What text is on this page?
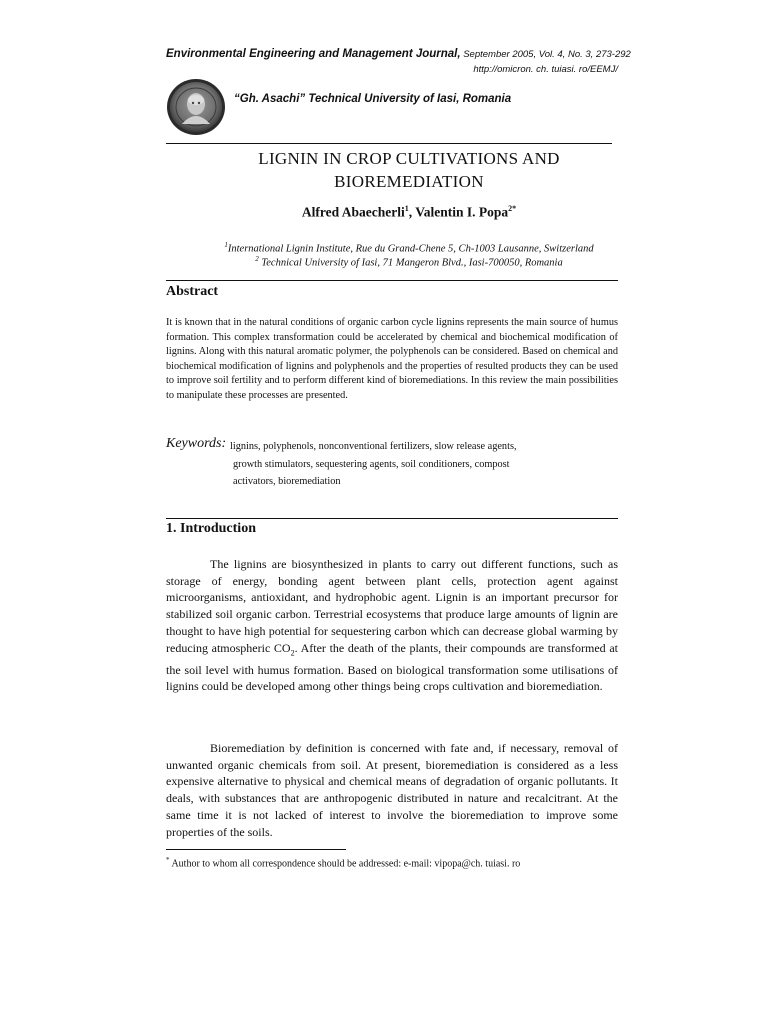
Environmental Engineering and Management Journal, September 2005, Vol. 4, No. 3, 273-292
http://omicron. ch. tuiasi. ro/EEMJ/
“Gh. Asachi” Technical University of Iasi, Romania
LIGNIN IN CROP CULTIVATIONS AND
BIOREMEDIATION
Alfred Abaecherli$^1$, Valentin I. Popa$^{2*}$
$^1$International Lignin Institute, Rue du Grand-Chene 5, Ch-1003 Lausanne, Switzerland
$^2$ Technical University of Iasi, 71 Mangeron Blvd., Iasi-700050, Romania
Abstract
It is known that in the natural conditions of organic carbon cycle lignins represents the main source of humus formation. This complex transformation could be accelerated by chemical and biochemical modification of lignins. Along with this natural aromatic polymer, the polyphenols can be considered. Based on chemical and biochemical modification of lignins and polyphenols and the properties of resulted products they can be used to improve soil fertility and to perform different kind of bioremediations. In this review the main possibilities to manipulate these processes are presented.
Keywords: lignins, polyphenols, nonconventional fertilizers, slow release agents,
growth stimulators, sequestering agents, soil conditioners, compost
activators, bioremediation
1. Introduction
The lignins are biosynthesized in plants to carry out different functions, such as storage of energy, bonding agent between plant cells, protection agent against microorganisms, antioxidant, and hydrophobic agent. Lignin is an important precursor for stabilized soil organic carbon. Terrestrial ecosystems that produce large amounts of lignin are thought to have high potential for sequestering carbon which can decrease global warming by reducing atmospheric $CO_2$. After the death of the plants, their compounds are transformed at the soil level with humus formation. Based on biological transformation some utilisations of lignins could be developed among other things being crops cultivation and bioremediation.
Bioremediation by definition is concerned with fate and, if necessary, removal of unwanted organic chemicals from soil. At present, bioremediation is considered as a less expensive alternative to physical and chemical means of degradation of organic pollutants. It deals, with substances that are anthropogenic distributed in nature and recalcitrant. At the same time it is not lacked of interest to involve the bioremediation to improve some properties of the soils.
* Author to whom all correspondence should be addressed: e-mail: vipopa@ch. tuiasi. ro
